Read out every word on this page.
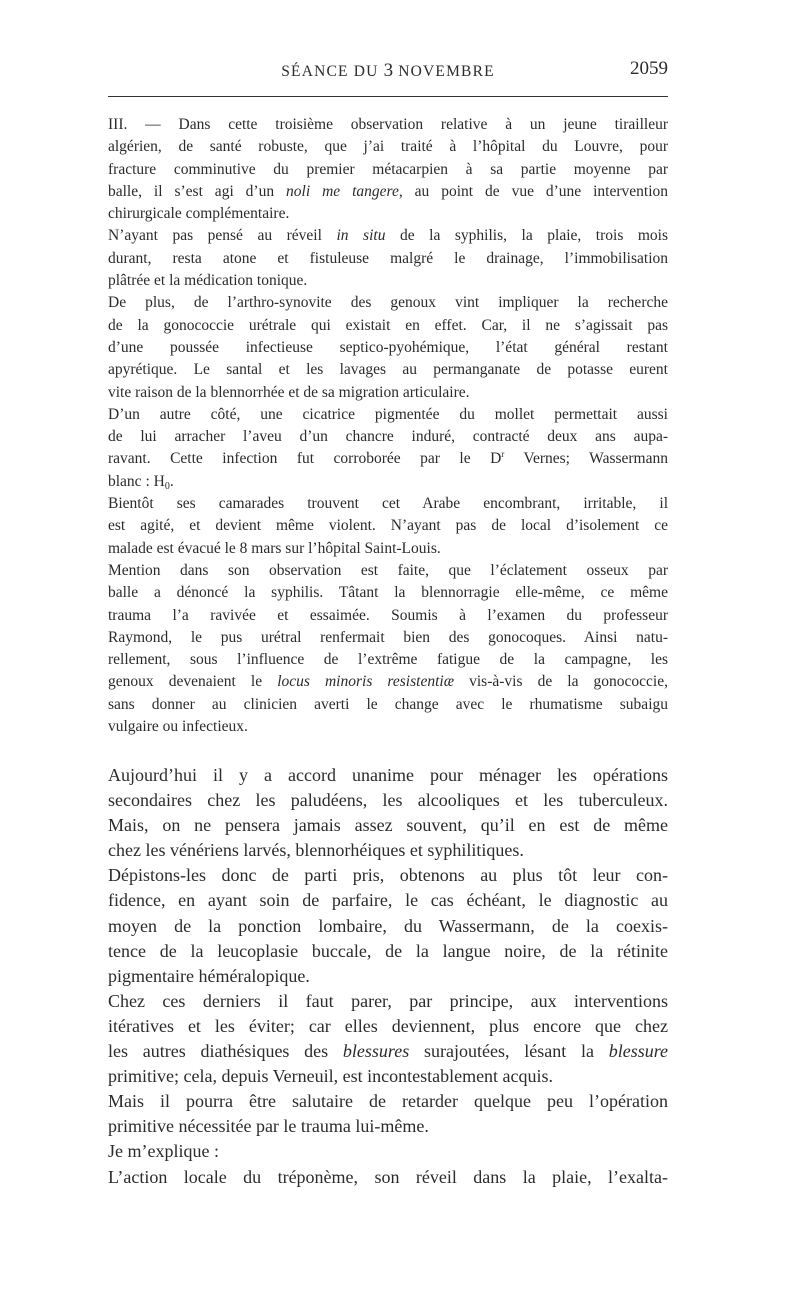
SÉANCE DU 3 NOVEMBRE	2059

III. — Dans cette troisième observation relative à un jeune tirailleur
algérien, de santé robuste, que j’ai traité à l’hôpital du Louvre, pour
fracture comminutive du premier métacarpien à sa partie moyenne par
balle, il s’est agi d’un noli me tangere, au point de vue d’une intervention

chirurgicale complémentaire.

N’ayant pas pensé au réveil in situ de la syphilis, la plaie, trois mois
durant, resta atone et fistuleuse malgré le drainage, l’immobilisation

plâtrée et la médication tonique.

De plus, de l’arthro-synovite des genoux vint impliquer la recherche
de la gonococcie urétrale qui existait en effet. Car, il ne s’agissait pas
d’une poussée infectieuse septico-pyohémique, l’état général restant
apyrétique. Le santal et les lavages au permanganate de potasse eurent

vite raison de la blennorrhée et de sa migration articulaire.

D’un autre côté, une cicatrice pigmentée du mollet permettait aussi
de lui arracher l’aveu d’un chancre induré, contracté deux ans aupa-
ravant. Cette infection fut corroborée par le $D^r$ Vernes; Wassermann

blanc : $H_0$.

Bientôt ses camarades trouvent cet Arabe encombrant, irritable, il
est agité, et devient même violent. N’ayant pas de local d’isolement ce

malade est évacué le 8 mars sur l’hôpital Saint-Louis.

Mention dans son observation est faite, que l’éclatement osseux par
balle a dénoncé la syphilis. Tâtant la blennorragie elle-même, ce même
trauma l’a ravivée et essaimée. Soumis à l’examen du professeur
Raymond, le pus urétral renfermait bien des gonocoques. Ainsi natu-
rellement, sous l’influence de l’extrême fatigue de la campagne, les
genoux devenaient le locus minoris resistentiæ vis-à-vis de la gonococcie,
sans donner au clinicien averti le change avec le rhumatisme subaigu

vulgaire ou infectieux.

Aujourd’hui il y a accord unanime pour ménager les opérations
secondaires chez les paludéens, les alcooliques et les tuberculeux.
Mais, on ne pensera jamais assez souvent, qu’il en est de même

chez les vénériens larvés, blennorhéiques et syphilitiques.

Dépistons-les donc de parti pris, obtenons au plus tôt leur con-
fidence, en ayant soin de parfaire, le cas échéant, le diagnostic au
moyen de la ponction lombaire, du Wassermann, de la coexis-
tence de la leucoplasie buccale, de la langue noire, de la rétinite

pigmentaire héméralopique.

Chez ces derniers il faut parer, par principe, aux interventions
itératives et les éviter; car elles deviennent, plus encore que chez
les autres diathésiques des blessures surajoutées, lésant la blessure

primitive; cela, depuis Verneuil, est incontestablement acquis.

Mais il pourra être salutaire de retarder quelque peu l’opération

primitive nécessitée par le trauma lui-même.

Je m’explique :

L’action locale du tréponème, son réveil dans la plaie, l’exalta-
